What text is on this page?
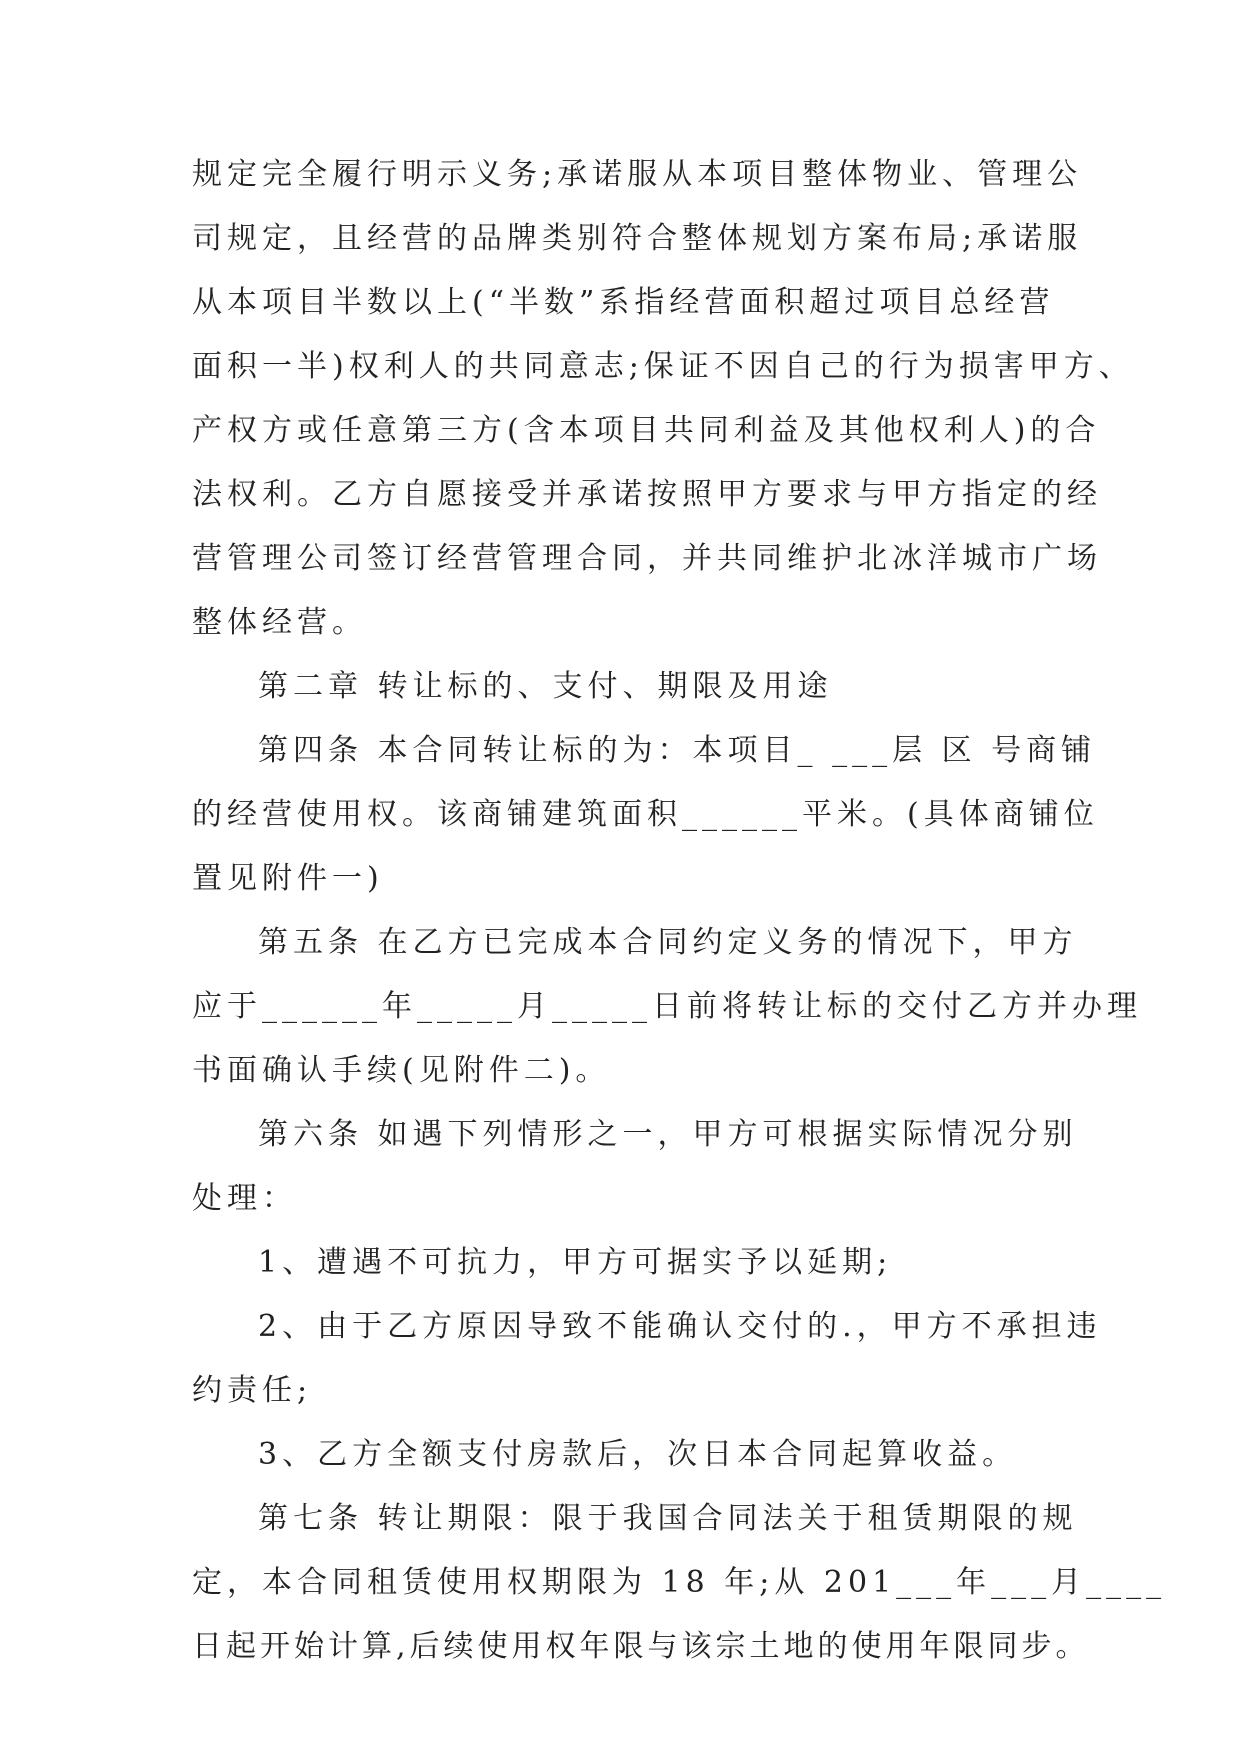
规定完全履行明示义务;承诺服从本项目整体物业、管理公
司规定，且经营的品牌类别符合整体规划方案布局;承诺服
从本项目半数以上(“半数”系指经营面积超过项目总经营
面积一半)权利人的共同意志;保证不因自己的行为损害甲方、
产权方或任意第三方(含本项目共同利益及其他权利人)的合
法权利。乙方自愿接受并承诺按照甲方要求与甲方指定的经
营管理公司签订经营管理合同，并共同维护北冰洋城市广场
整体经营。
第二章 转让标的、支付、期限及用途
第四条 本合同转让标的为：本项目_ ___层 区 号商铺
的经营使用权。该商铺建筑面积______平米。(具体商铺位
置见附件一)
第五条 在乙方已完成本合同约定义务的情况下，甲方
应于______年_____月_____日前将转让标的交付乙方并办理
书面确认手续(见附件二)。
第六条 如遇下列情形之一，甲方可根据实际情况分别
处理：
1、遭遇不可抗力，甲方可据实予以延期;
2、由于乙方原因导致不能确认交付的.，甲方不承担违
约责任;
3、乙方全额支付房款后，次日本合同起算收益。
第七条 转让期限：限于我国合同法关于租赁期限的规
定，本合同租赁使用权期限为 18 年;从 201___年___月____
日起开始计算,后续使用权年限与该宗土地的使用年限同步。
